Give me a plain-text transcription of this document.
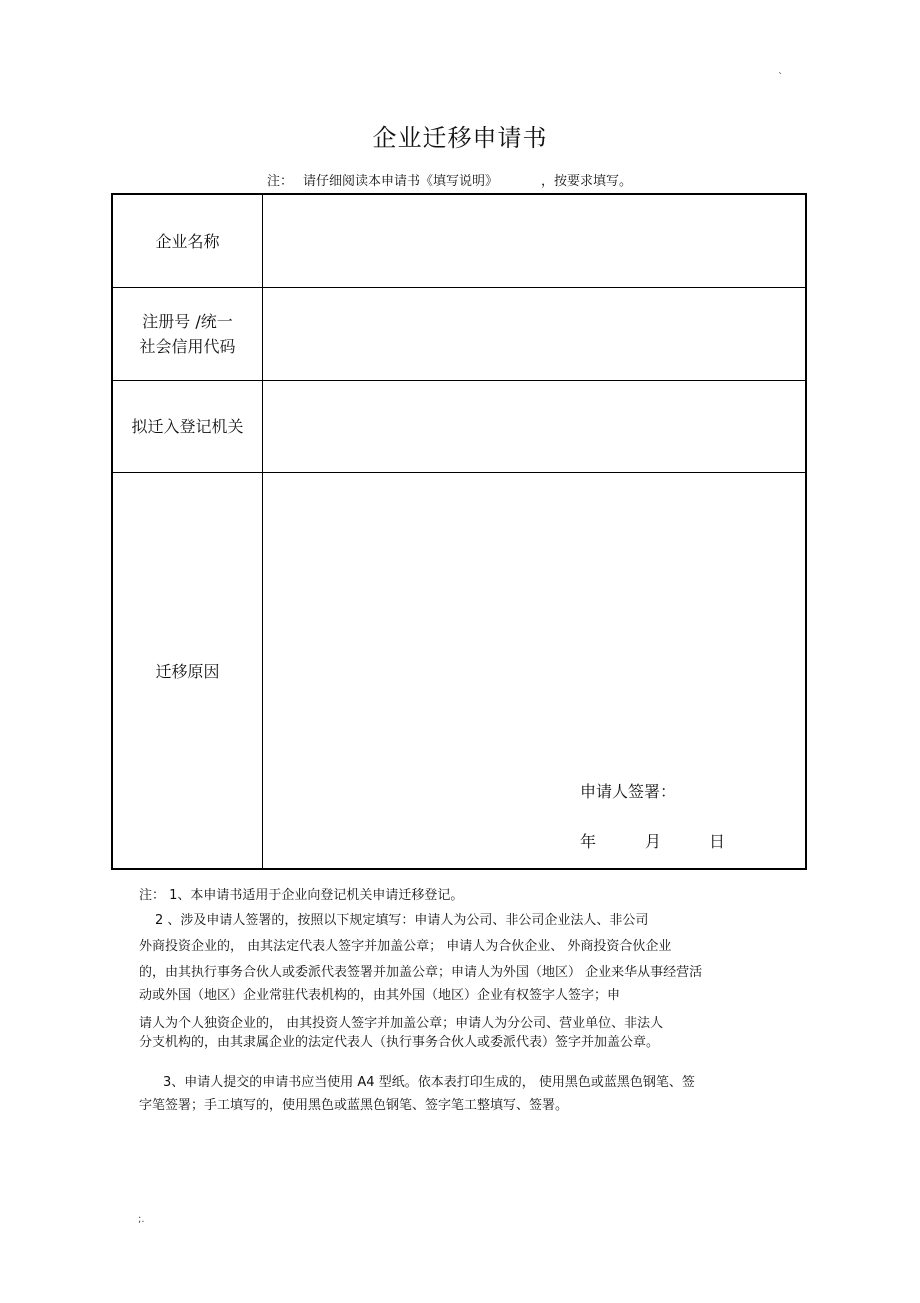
`
企业迁移申请书
注： 请仔细阅读本申请书《填写说明》	，按要求填写。
企业名称
注册号 /统一
社会信用代码
拟迁入登记机关
迁移原因
申请人签署：
年	月	日
注： 1、本申请书适用于企业向登记机关申请迁移登记。
2 、涉及申请人签署的，按照以下规定填写：申请人为公司、非公司企业法人、非公司
外商投资企业的， 由其法定代表人签字并加盖公章； 申请人为合伙企业、 外商投资合伙企业
的，由其执行事务合伙人或委派代表签署并加盖公章；申请人为外国（地区） 企业来华从事经营活
动或外国（地区）企业常驻代表机构的，由其外国（地区）企业有权签字人签字；申
请人为个人独资企业的， 由其投资人签字并加盖公章；申请人为分公司、营业单位、非法人
分支机构的，由其隶属企业的法定代表人（执行事务合伙人或委派代表）签字并加盖公章。
3、申请人提交的申请书应当使用 A4 型纸。依本表打印生成的， 使用黑色或蓝黑色钢笔、签
字笔签署；手工填写的，使用黑色或蓝黑色钢笔、签字笔工整填写、签署。
;.
